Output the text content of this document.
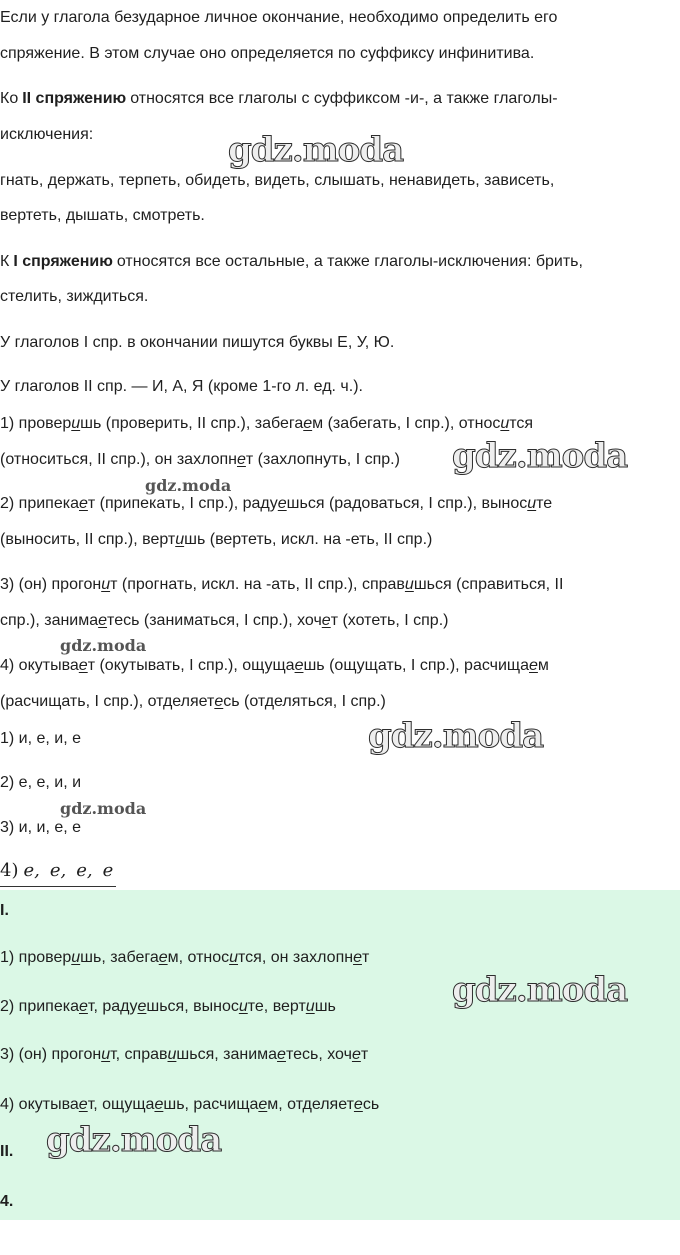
Если у глагола безударное личное окончание, необходимо определить его
спряжение. В этом случае оно определяется по суффиксу инфинитива.
Ко II спряжению относятся все глаголы с суффиксом -и-, а также глаголы-
исключения:
гнать, держать, терпеть, обидеть, видеть, слышать, ненавидеть, зависеть,
вертеть, дышать, смотреть.
К I спряжению относятся все остальные, а также глаголы-исключения: брить,
стелить, зиждиться.
У глаголов I спр. в окончании пишутся буквы Е, У, Ю.
У глаголов II спр. — И, А, Я (кроме 1-го л. ед. ч.).
1) проверишь (проверить, II спр.), забегаем (забегать, I спр.), относится
(относиться, II спр.), он захлопнет (захлопнуть, I спр.)
2) припекает (припекать, I спр.), радуешься (радоваться, I спр.), выносите
(выносить, II спр.), вертишь (вертеть, искл. на -еть, II спр.)
3) (он) прогонит (прогнать, искл. на -ать, II спр.), справишься (справиться, II
спр.), занимаетесь (заниматься, I спр.), хочет (хотеть, I спр.)
4) окутывает (окутывать, I спр.), ощущаешь (ощущать, I спр.), расчищаем
(расчищать, I спр.), отделяетесь (отделяться, I спр.)
1) и, е, и, е
2) е, е, и, и
3) и, и, е, е
4) e, e, e, e
I.
1) проверишь, забегаем, относится, он захлопнет
2) припекает, радуешься, выносите, вертишь
3) (он) прогонит, справишься, занимаетесь, хочет
4) окутывает, ощущаешь, расчищаем, отделяетесь
II.
4.
gdz.moda
gdz.moda
gdz.moda
gdz.moda
gdz.moda
gdz.moda
gdz.moda
gdz.moda
